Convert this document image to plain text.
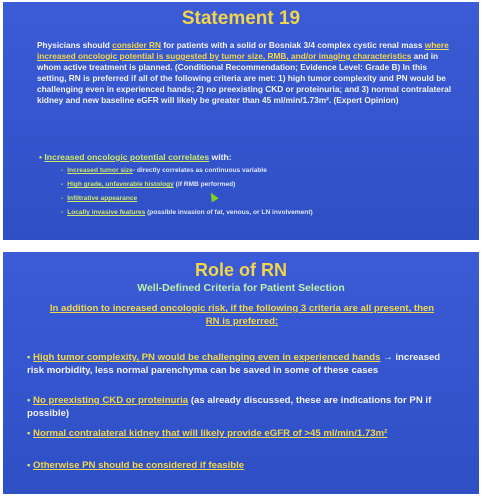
Statement 19
Physicians should consider RN for patients with a solid or Bosniak 3/4 complex cystic renal mass where increased oncologic potential is suggested by tumor size, RMB, and/or imaging characteristics and in whom active treatment is planned. (Conditional Recommendation; Evidence Level: Grade B) In this setting, RN is preferred if all of the following criteria are met: 1) high tumor complexity and PN would be challenging even in experienced hands; 2) no preexisting CKD or proteinuria; and 3) normal contralateral kidney and new baseline eGFR will likely be greater than 45 ml/min/1.73m². (Expert Opinion)
• Increased oncologic potential correlates with:
- Increased tumor size- directly correlates as continuous variable
- High grade, unfavorable histology (if RMB performed)
- Infiltrative appearance
- Locally invasive features (possible invasion of fat, venous, or LN involvement)
Role of RN
Well-Defined Criteria for Patient Selection
In addition to increased oncologic risk, if the following 3 criteria are all present, then
RN is preferred:
• High tumor complexity, PN would be challenging even in experienced hands → increased risk morbidity, less normal parenchyma can be saved in some of these cases
• No preexisting CKD or proteinuria (as already discussed, these are indications for PN if possible)
• Normal contralateral kidney that will likely provide eGFR of >45 ml/min/1.73m²
• Otherwise PN should be considered if feasible
